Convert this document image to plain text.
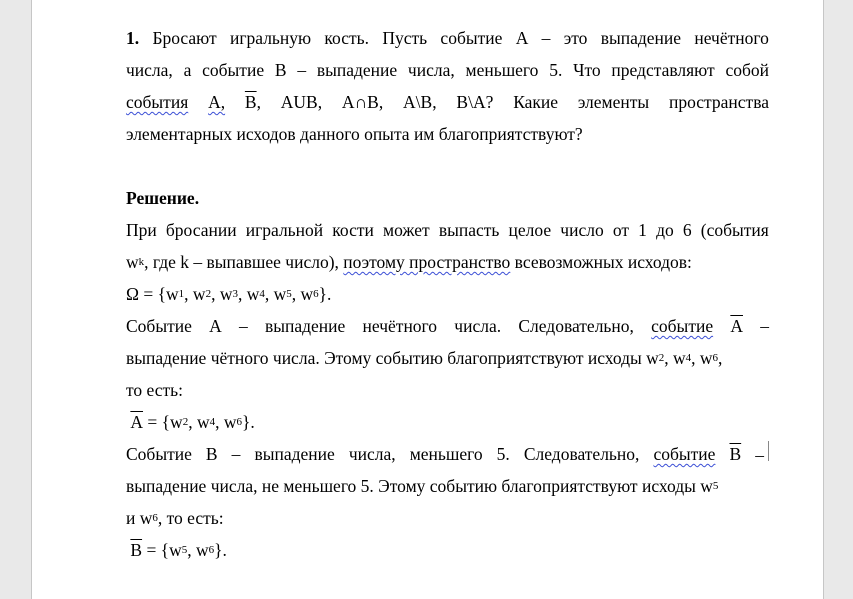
1. Бросают игральную кость. Пусть событие А – это выпадение нечётного
числа, а событие В – выпадение числа, меньшего 5. Что представляют собой
события A, $\overline{B}$, AUB, A∩B, A\B, B\A? Какие элементы пространства
элементарных исходов данного опыта им благоприятствуют?
Решение.
При бросании игральной кости может выпасть целое число от 1 до 6 (события
w k , где k – выпавшее число),
поэтому пространство всевозможных исходов:
Ω = {w 1 , w 2 , w 3 , w 4 , w 5 , w 6 }.
Событие А – выпадение нечётного числа. Следовательно, событие $\overline{A}$ –
выпадение чётного числа. Этому событию благоприятствуют исходы w 2 , w 4 , w 6 ,
то есть:

$\overline{A} = \{w$ 2 , w 4 , w 6 }.
Событие В – выпадение числа, меньшего 5. Следовательно, событие $\overline{B}$ –
выпадение числа, не меньшего 5. Этому событию благоприятствуют исходы w 5
и w 6 , то есть:

$\overline{B} = \{w$ 5 , w 6 }.
